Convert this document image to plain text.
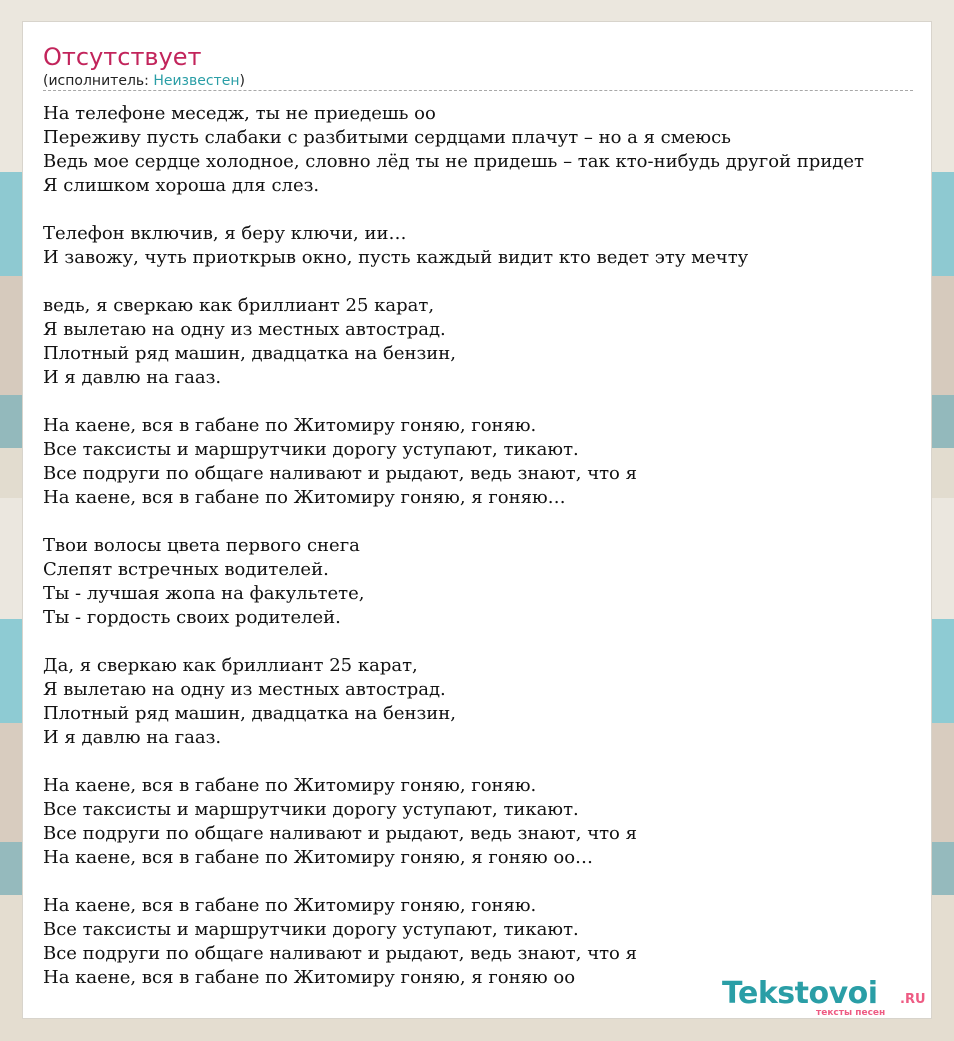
Отсутствует
(исполнитель: Неизвестен)
На телефоне меседж, ты не приедешь оо
Переживу пусть слабаки с разбитыми сердцами плачут – но а я смеюсь
Ведь мое сердце холодное, словно лёд ты не придешь – так кто-нибудь другой придет
Я слишком хороша для слез.
Телефон включив, я беру ключи, ии…
И завожу, чуть приоткрыв окно, пусть каждый видит кто ведет эту мечту
ведь, я сверкаю как бриллиант 25 карат,
Я вылетаю на одну из местных автострад.
Плотный ряд машин, двадцатка на бензин,
И я давлю на гааз.
На каене, вся в габане по Житомиру гоняю, гоняю.
Все таксисты и маршрутчики дорогу уступают, тикают.
Все подруги по общаге наливают и рыдают, ведь знают, что я
На каене, вся в габане по Житомиру гоняю, я гоняю…
Твои волосы цвета первого снега
Слепят встречных водителей.
Ты - лучшая жопа на факультете,
Ты - гордость своих родителей.
Да, я сверкаю как бриллиант 25 карат,
Я вылетаю на одну из местных автострад.
Плотный ряд машин, двадцатка на бензин,
И я давлю на гааз.
На каене, вся в габане по Житомиру гоняю, гоняю.
Все таксисты и маршрутчики дорогу уступают, тикают.
Все подруги по общаге наливают и рыдают, ведь знают, что я
На каене, вся в габане по Житомиру гоняю, я гоняю оо…
На каене, вся в габане по Житомиру гоняю, гоняю.
Все таксисты и маршрутчики дорогу уступают, тикают.
Все подруги по общаге наливают и рыдают, ведь знают, что я
На каене, вся в габане по Житомиру гоняю, я гоняю оо	Tekstovoi .RU
тексты песен
